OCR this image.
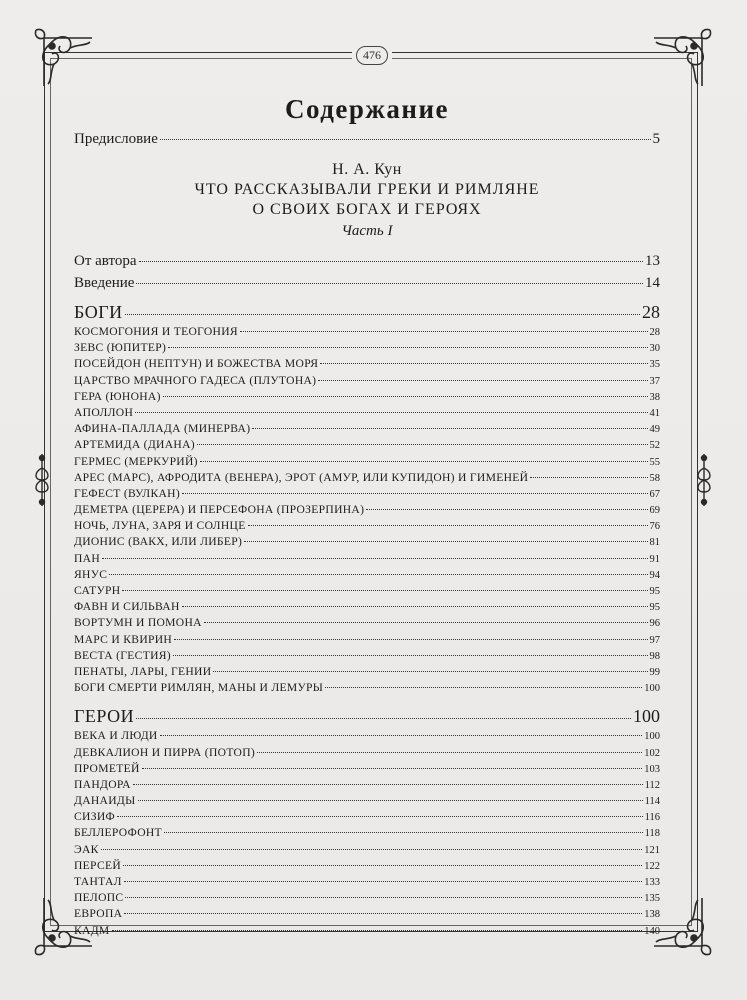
476
Содержание
Предисловие	5
Н. А. Кун
ЧТО РАССКАЗЫВАЛИ ГРЕКИ И РИМЛЯНЕ
О СВОИХ БОГАХ И ГЕРОЯХ
Часть I
От автора	13
Введение	14
БОГИ	28
КОСМОГОНИЯ И ТЕОГОНИЯ	28
ЗЕВС (ЮПИТЕР)	30
ПОСЕЙДОН (НЕПТУН) И БОЖЕСТВА МОРЯ	35
ЦАРСТВО МРАЧНОГО ГАДЕСА (ПЛУТОНА)	37
ГЕРА (ЮНОНА)	38
АПОЛЛОН	41
АФИНА-ПАЛЛАДА (МИНЕРВА)	49
АРТЕМИДА (ДИАНА)	52
ГЕРМЕС (МЕРКУРИЙ)	55
АРЕС (МАРС), АФРОДИТА (ВЕНЕРА), ЭРОТ (АМУР, ИЛИ КУПИДОН) И ГИМЕНЕЙ	58
ГЕФЕСТ (ВУЛКАН)	67
ДЕМЕТРА (ЦЕРЕРА) И ПЕРСЕФОНА (ПРОЗЕРПИНА)	69
НОЧЬ, ЛУНА, ЗАРЯ И СОЛНЦЕ	76
ДИОНИС (ВАКХ, ИЛИ ЛИБЕР)	81
ПАН	91
ЯНУС	94
САТУРН	95
ФАВН И СИЛЬВАН	95
ВОРТУМН И ПОМОНА	96
МАРС И КВИРИН	97
ВЕСТА (ГЕСТИЯ)	98
ПЕНАТЫ, ЛАРЫ, ГЕНИИ	99
БОГИ СМЕРТИ РИМЛЯН, МАНЫ И ЛЕМУРЫ	100
ГЕРОИ	100
ВЕКА И ЛЮДИ	100
ДЕВКАЛИОН И ПИРРА (ПОТОП)	102
ПРОМЕТЕЙ	103
ПАНДОРА	112
ДАНАИДЫ	114
СИЗИФ	116
БЕЛЛЕРОФОНТ	118
ЭАК	121
ПЕРСЕЙ	122
ТАНТАЛ	133
ПЕЛОПС	135
ЕВРОПА	138
КАДМ	140
